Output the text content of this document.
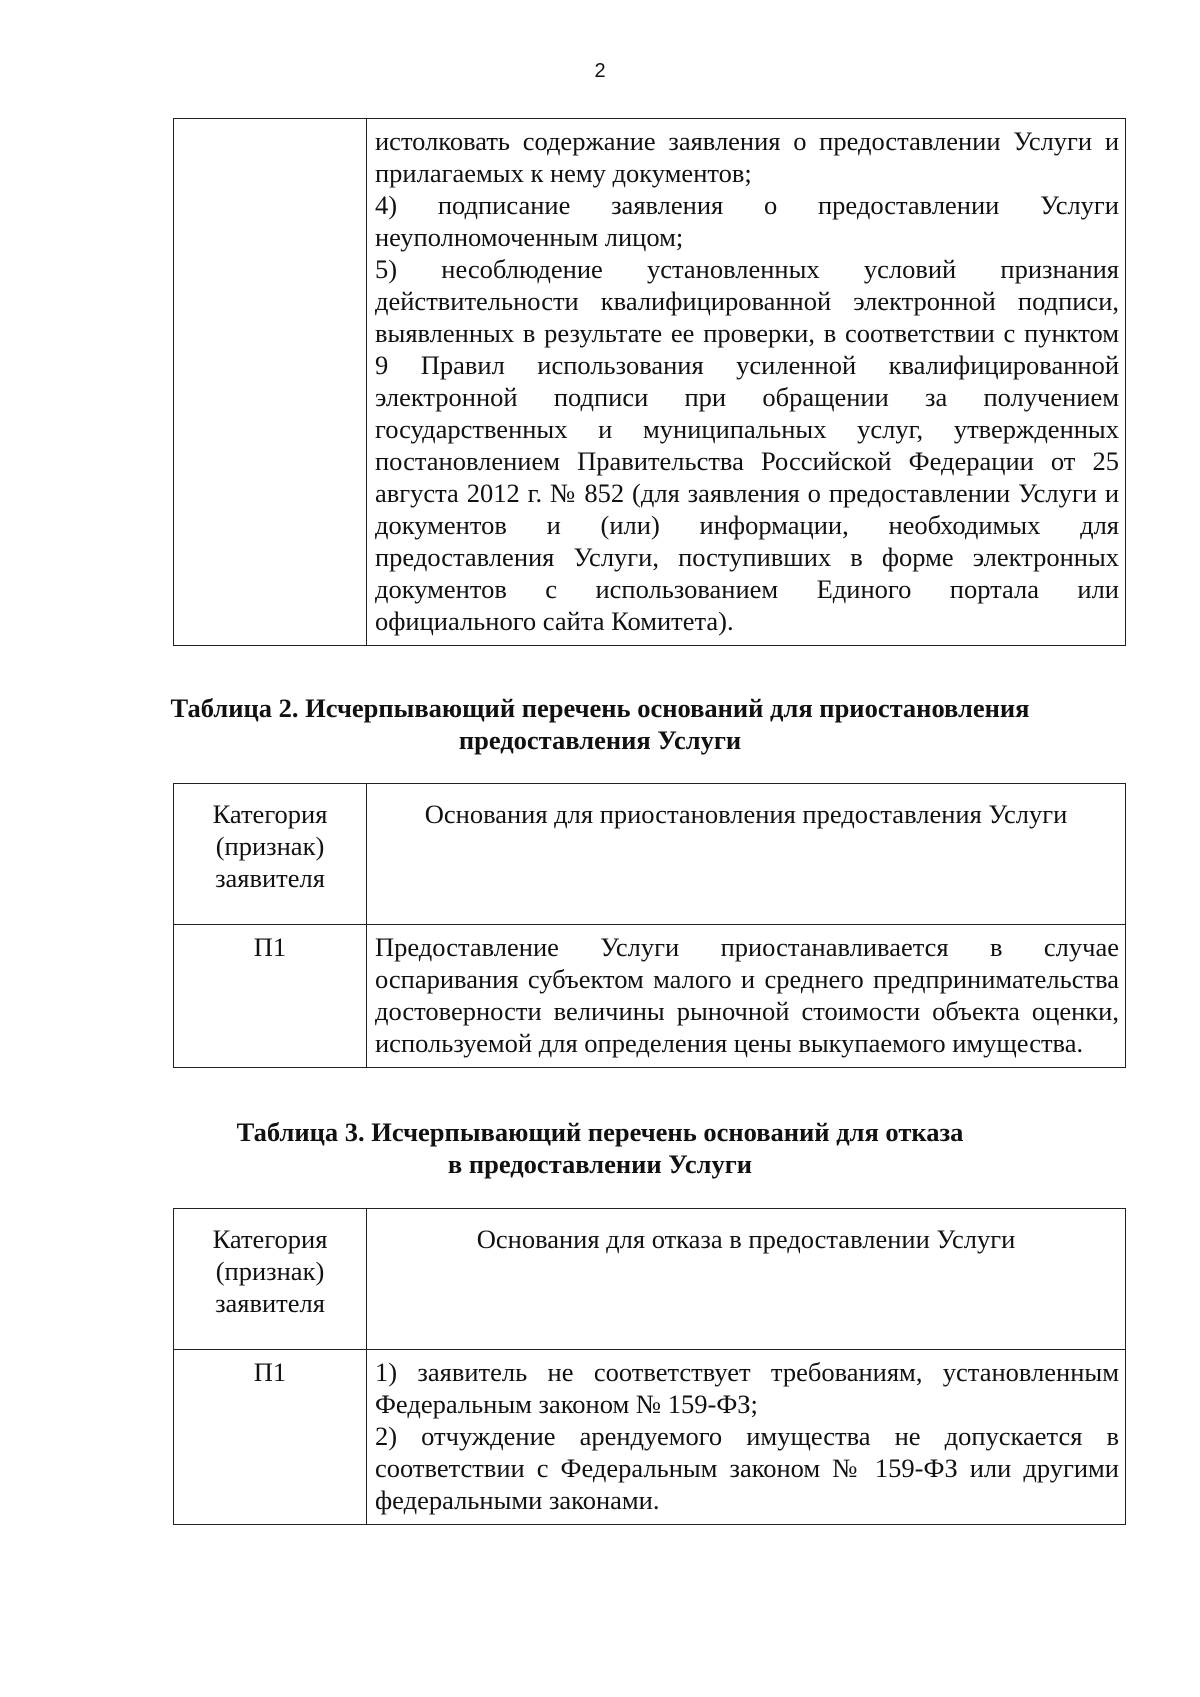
2

истолковать содержание заявления о предоставлении Услуги и прилагаемых к нему документов;
4) подписание заявления о предоставлении Услуги неуполномоченным лицом;
5) несоблюдение установленных условий признания действительности квалифицированной электронной подписи, выявленных в результате ее проверки, в соответствии с пунктом 9 Правил использования усиленной квалифицированной электронной подписи при обращении за получением государственных и муниципальных услуг, утвержденных постановлением Правительства Российской Федерации от 25 августа 2012 г. № 852 (для заявления о предоставлении Услуги и документов и (или) информации, необходимых для предоставления Услуги, поступивших в форме электронных документов с использованием Единого портала или официального сайта Комитета).
Таблица 2. Исчерпывающий перечень оснований для приостановления
предоставления Услуги
Категория
(признак)
заявителя	Основания для приостановления предоставления Услуги
П1	Предоставление Услуги приостанавливается в случае оспаривания субъектом малого и среднего предпринимательства достоверности величины рыночной стоимости объекта оценки, используемой для определения цены выкупаемого имущества.
Таблица 3. Исчерпывающий перечень оснований для отказа
в предоставлении Услуги
Категория
(признак)
заявителя	Основания для отказа в предоставлении Услуги
П1	1) заявитель не соответствует требованиям, установленным Федеральным законом № 159-ФЗ;
2) отчуждение арендуемого имущества не допускается в соответствии с Федеральным законом № 159-ФЗ или другими федеральными законами.
